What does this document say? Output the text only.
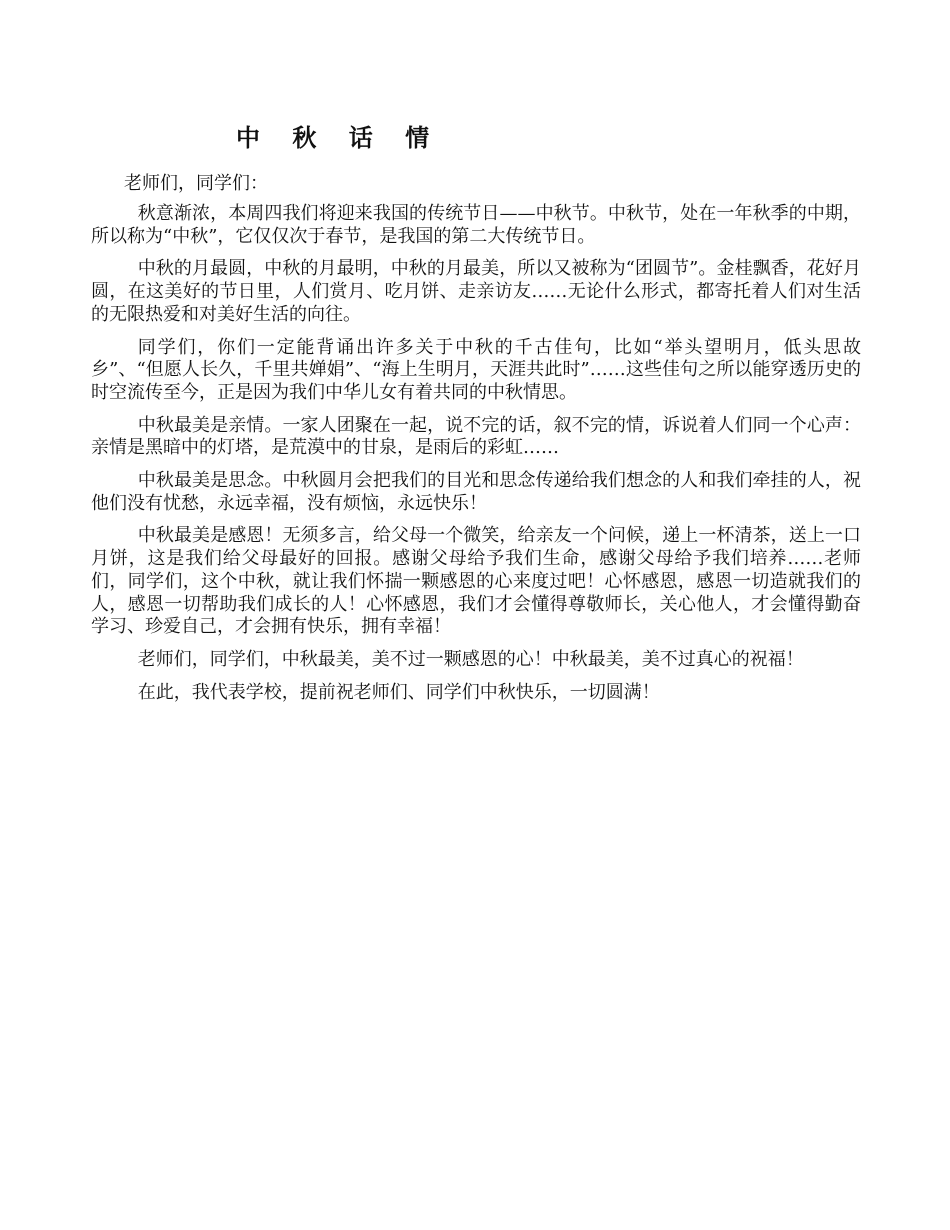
中 秋 话 情

老师们，同学们：

秋意渐浓，本周四我们将迎来我国的传统节日——中秋节。中秋节，处在一年秋季的中期，所以称为“中秋”，它仅仅次于春节，是我国的第二大传统节日。

中秋的月最圆，中秋的月最明，中秋的月最美，所以又被称为“团圆节”。金桂飘香，花好月圆，在这美好的节日里，人们赏月、吃月饼、走亲访友……无论什么形式，都寄托着人们对生活的无限热爱和对美好生活的向往。

同学们，你们一定能背诵出许多关于中秋的千古佳句，比如“举头望明月，低头思故乡”、“但愿人长久，千里共婵娟”、“海上生明月，天涯共此时”……这些佳句之所以能穿透历史的时空流传至今，正是因为我们中华儿女有着共同的中秋情思。

中秋最美是亲情。一家人团聚在一起，说不完的话，叙不完的情，诉说着人们同一个心声：亲情是黑暗中的灯塔，是荒漠中的甘泉，是雨后的彩虹……

中秋最美是思念。中秋圆月会把我们的目光和思念传递给我们想念的人和我们牵挂的人，祝他们没有忧愁，永远幸福，没有烦恼，永远快乐！

中秋最美是感恩！无须多言，给父母一个微笑，给亲友一个问候，递上一杯清茶，送上一口月饼，这是我们给父母最好的回报。感谢父母给予我们生命，感谢父母给予我们培养……老师们，同学们，这个中秋，就让我们怀揣一颗感恩的心来度过吧！心怀感恩，感恩一切造就我们的人，感恩一切帮助我们成长的人！心怀感恩，我们才会懂得尊敬师长，关心他人，才会懂得勤奋学习、珍爱自己，才会拥有快乐，拥有幸福！

老师们，同学们，中秋最美，美不过一颗感恩的心！中秋最美，美不过真心的祝福！

在此，我代表学校，提前祝老师们、同学们中秋快乐，一切圆满！
